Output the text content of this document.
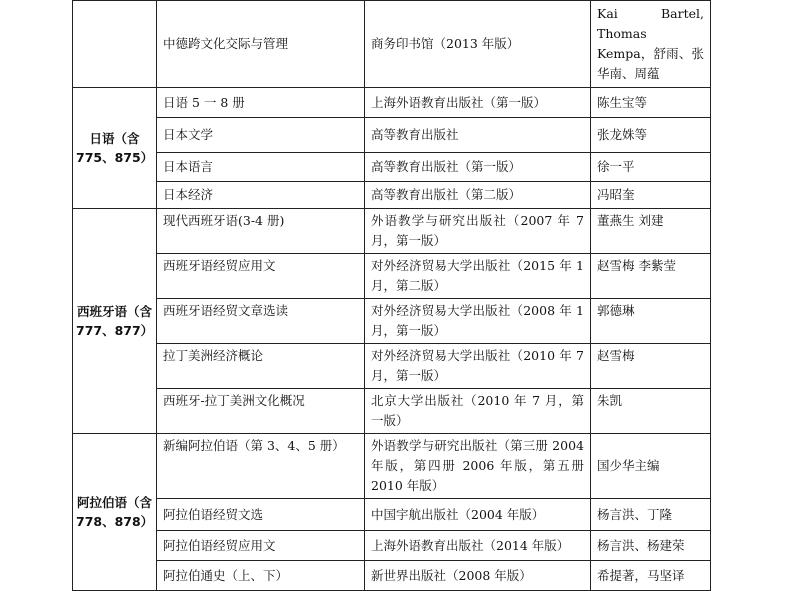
	中德跨文化交际与管理	商务印书馆（2013 年版）	Kai Bartel, Thomas Kempa，舒雨、张华南、周蕴
日语（含 775、875）	日语 5 一 8 册	上海外语教育出版社（第一版）	陈生宝等
	日本文学	高等教育出版社	张龙姝等
	日本语言	高等教育出版社（第一版）	徐一平
	日本经济	高等教育出版社（第二版）	冯昭奎
西班牙语（含 777、877）	现代西班牙语(3-4 册)	外语教学与研究出版社（2007 年 7 月，第一版）	董燕生 刘建
	西班牙语经贸应用文	对外经济贸易大学出版社（2015 年 1 月，第二版）	赵雪梅 李紫莹
	西班牙语经贸文章选读	对外经济贸易大学出版社（2008 年 1 月，第一版）	郭德琳
	拉丁美洲经济概论	对外经济贸易大学出版社（2010 年 7 月，第一版）	赵雪梅
	西班牙-拉丁美洲文化概况	北京大学出版社（2010 年 7 月，第一版）	朱凯
阿拉伯语（含 778、878）	新编阿拉伯语（第 3、4、5 册）	外语教学与研究出版社（第三册 2004 年版，第四册 2006 年版，第五册 2010 年版）	国少华主编
	阿拉伯语经贸文选	中国宇航出版社（2004 年版）	杨言洪、丁隆
	阿拉伯语经贸应用文	上海外语教育出版社（2014 年版）	杨言洪、杨建荣
	阿拉伯通史（上、下）	新世界出版社（2008 年版）	希提著，马坚译
